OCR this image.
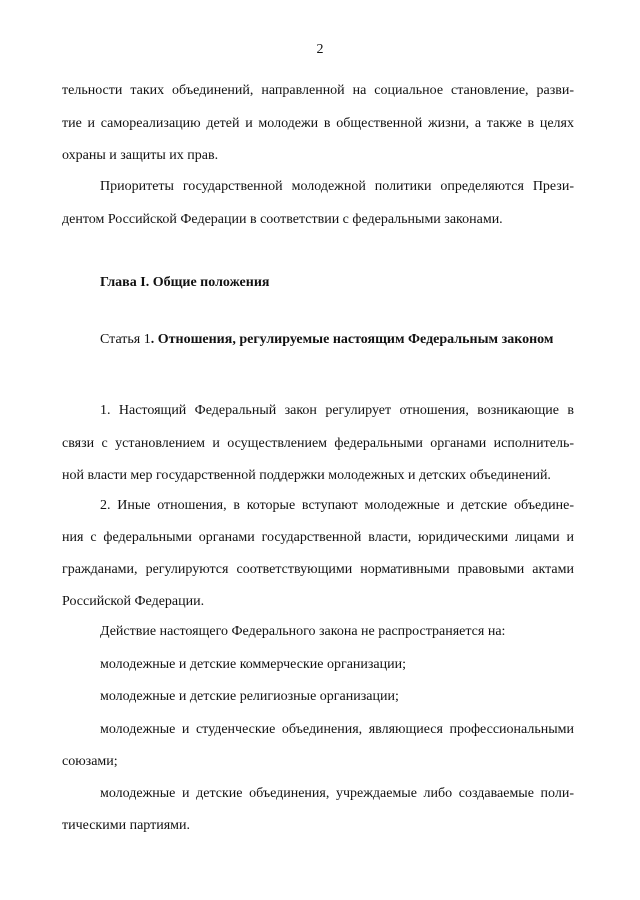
2
тельности таких объединений, направленной на социальное становление, разви-
тие и самореализацию детей и молодежи в общественной жизни, а также в целях
охраны и защиты их прав.
Приоритеты государственной молодежной политики определяются Прези-
дентом Российской Федерации в соответствии с федеральными законами.
Глава I. Общие положения
Статья 1. Отношения, регулируемые настоящим Федеральным законом
1. Настоящий Федеральный закон регулирует отношения, возникающие в
связи с установлением и осуществлением федеральными органами исполнитель-
ной власти мер государственной поддержки молодежных и детских объединений.
2. Иные отношения, в которые вступают молодежные и детские объедине-
ния с федеральными органами государственной власти, юридическими лицами и
гражданами, регулируются соответствующими нормативными правовыми актами
Российской Федерации.
Действие настоящего Федерального закона не распространяется на:
молодежные и детские коммерческие организации;
молодежные и детские религиозные организации;
молодежные и студенческие объединения, являющиеся профессиональными
союзами;
молодежные и детские объединения, учреждаемые либо создаваемые поли-
тическими партиями.
